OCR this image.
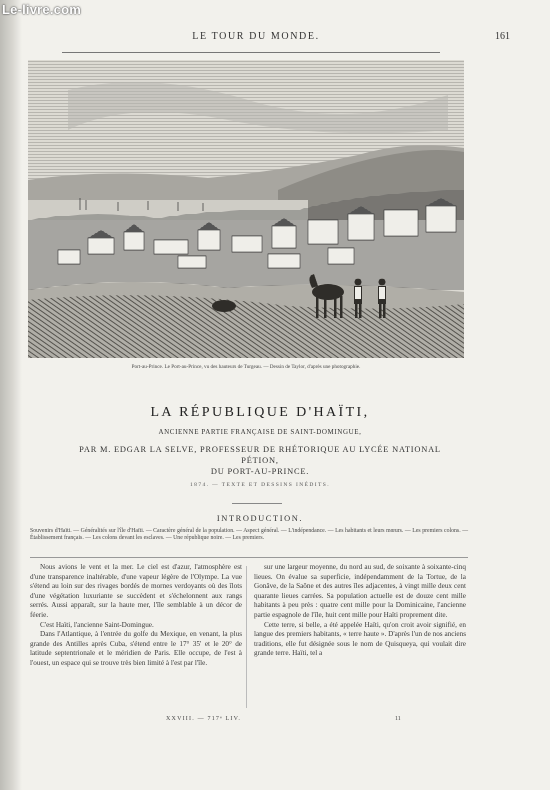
Le-livre.com
LE TOUR DU MONDE.	161
Port-au-Prince. Le Port-au-Prince, vu des hauteurs de Turgeau. — Dessin de Taylor, d'après une photographie.
LA RÉPUBLIQUE D'HAÏTI,
ANCIENNE PARTIE FRANÇAISE DE SAINT-DOMINGUE,
PAR M. EDGAR LA SELVE, PROFESSEUR DE RHÉTORIQUE AU LYCÉE NATIONAL PÉTION,
DU PORT-AU-PRINCE.
1874. — TEXTE ET DESSINS INÉDITS.
INTRODUCTION.
Souvenirs d'Haïti. — Généralités sur l'île d'Haïti. — Caractère général de la population. — Aspect général. — L'indépendance. — Les habitants et leurs mœurs. — Les premiers colons. — Établissement français. — Les colons devant les esclaves. — Une république noire. — Les premiers.

Nous avions le vent et la mer. Le ciel est d'azur, l'atmosphère est d'une transparence inaltérable, d'une vapeur légère de l'Olympe. La vue s'étend au loin sur des rivages bordés de mornes verdoyants où des îlots d'une végétation luxuriante se succèdent et s'échelonnent aux rangs serrés. Aussi apparaît, sur la haute mer, l'île semblable à un décor de féerie.

C'est Haïti, l'ancienne Saint-Domingue.

Dans l'Atlantique, à l'entrée du golfe du Mexique, en venant, la plus grande des Antilles après Cuba, s'étend entre le 17° 35′ et le 20° de latitude septentrionale et le méridien de Paris. Elle occupe, de l'est à l'ouest, un espace qui se trouve très bien limité à l'est par l'île.

sur une largeur moyenne, du nord au sud, de soixante à soixante-cinq lieues. On évalue sa superficie, indépendamment de la Tortue, de la Gonâve, de la Saône et des autres îles adjacentes, à vingt mille deux cent quarante lieues carrées. Sa population actuelle est de douze cent mille habitants à peu près : quatre cent mille pour la Dominicaine, l'ancienne partie espagnole de l'île, huit cent mille pour Haïti proprement dite.

Cette terre, si belle, a été appelée Haïti, qu'on croit avoir signifié, en langue des premiers habitants, « terre haute ». D'après l'un de nos anciens traditions, elle fut désignée sous le nom de Quisqueya, qui voulait dire grande terre. Haïti, tel a

XXVIII. — 717ᵉ LIV.	11
